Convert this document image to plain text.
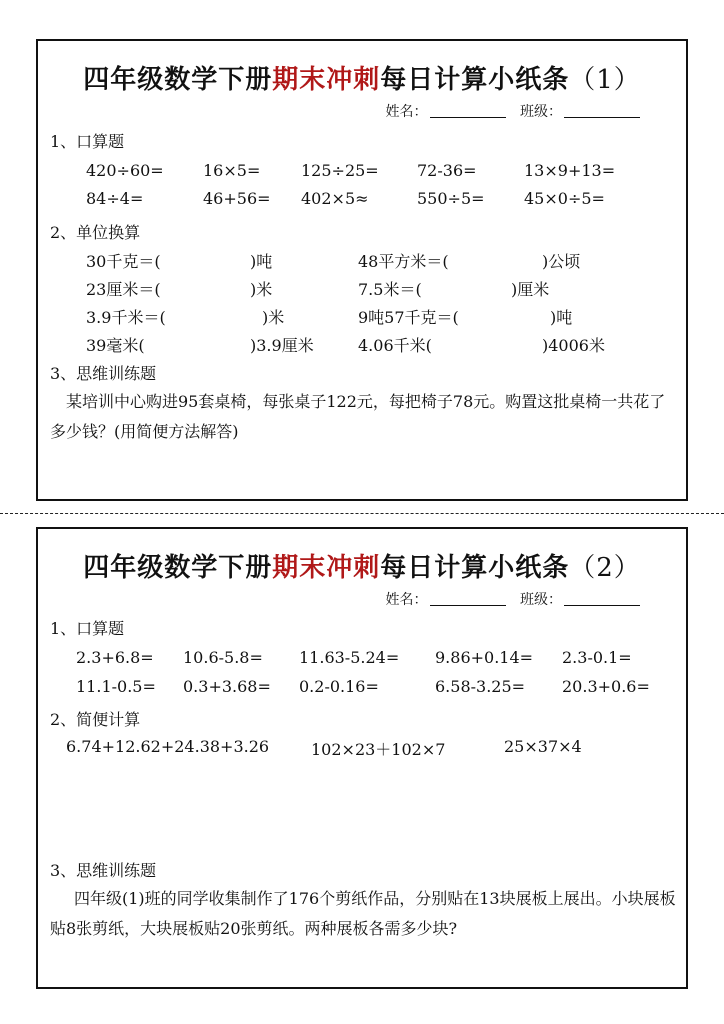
四年级数学下册期末冲刺每日计算小纸条（1）
姓名：	班级：
1、口算题
420÷60= 16×5=	125÷25= 72-36=	13×9+13=
84÷4=	46+56= 402×5≈	550÷5= 45×0÷5=
2、单位换算
30千克＝(	)吨	48平方米＝(	)公顷
23厘米＝(	)米	7.5米＝(	)厘米
3.9千米＝(	)米	9吨57千克＝(	)吨
39毫米(	)3.9厘米	4.06千米(	)4006米
3、思维训练题
某培训中心购进95套桌椅，每张桌子122元，每把椅子78元。购置这批桌椅一共花了多少钱？(用简便方法解答)
四年级数学下册期末冲刺每日计算小纸条（2）
姓名：	班级：
1、口算题
2.3+6.8= 10.6-5.8= 11.63-5.24= 9.86+0.14= 2.3-0.1=
11.1-0.5= 0.3+3.68= 0.2-0.16=	6.58-3.25= 20.3+0.6=
2、简便计算
6.74+12.62+24.38+3.26	102×23＋102×7	25×37×4
3、思维训练题
四年级(1)班的同学收集制作了176个剪纸作品，分别贴在13块展板上展出。小块展板贴8张剪纸，大块展板贴20张剪纸。两种展板各需多少块?
